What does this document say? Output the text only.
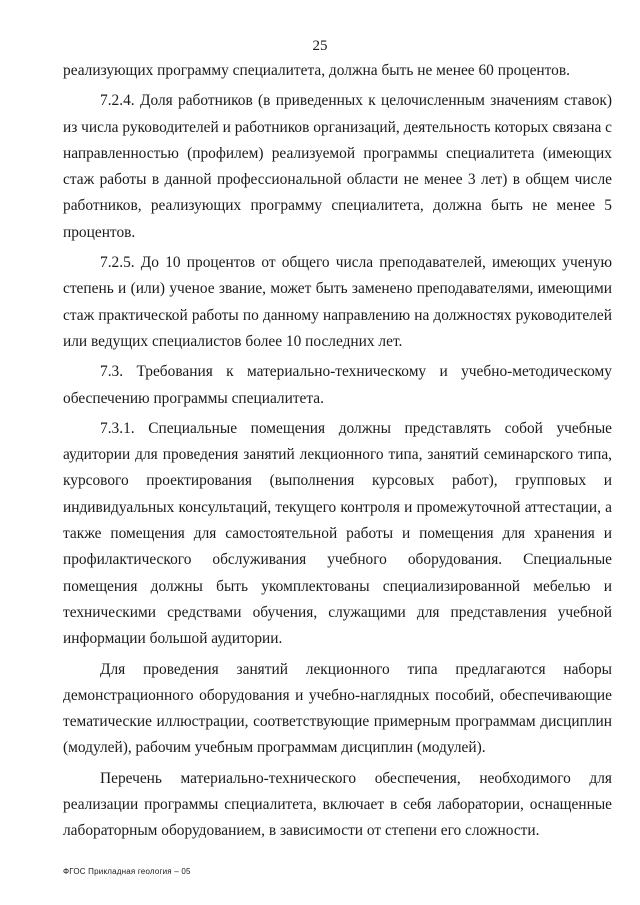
25

реализующих программу специалитета, должна быть не менее 60 процентов.

7.2.4. Доля работников (в приведенных к целочисленным значениям ставок) из числа руководителей и работников организаций, деятельность которых связана с направленностью (профилем) реализуемой программы специалитета (имеющих стаж работы в данной профессиональной области не менее 3 лет) в общем числе работников, реализующих программу специалитета, должна быть не менее 5 процентов.

7.2.5. До 10 процентов от общего числа преподавателей, имеющих ученую степень и (или) ученое звание, может быть заменено преподавателями, имеющими стаж практической работы по данному направлению на должностях руководителей или ведущих специалистов более 10 последних лет.

7.3. Требования к материально-техническому и учебно-методическому обеспечению программы специалитета.

7.3.1. Специальные помещения должны представлять собой учебные аудитории для проведения занятий лекционного типа, занятий семинарского типа, курсового проектирования (выполнения курсовых работ), групповых и индивидуальных консультаций, текущего контроля и промежуточной аттестации, а также помещения для самостоятельной работы и помещения для хранения и профилактического обслуживания учебного оборудования. Специальные помещения должны быть укомплектованы специализированной мебелью и техническими средствами обучения, служащими для представления учебной информации большой аудитории.

Для проведения занятий лекционного типа предлагаются наборы демонстрационного оборудования и учебно-наглядных пособий, обеспечивающие тематические иллюстрации, соответствующие примерным программам дисциплин (модулей), рабочим учебным программам дисциплин (модулей).

Перечень материально-технического обеспечения, необходимого для реализации программы специалитета, включает в себя лаборатории, оснащенные лабораторным оборудованием, в зависимости от степени его сложности.

ФГОС Прикладная геология – 05
